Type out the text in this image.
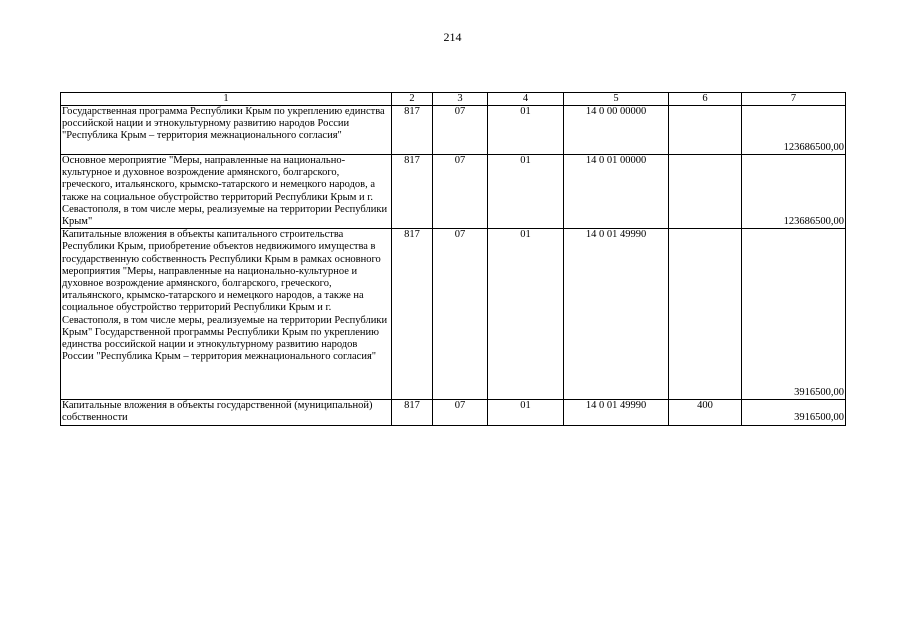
214
1	2	3	4	5	6	7
Государственная программа Республики Крым по укреплению единства российской нации и этнокультурному развитию народов России "Республика Крым – территория межнационального согласия"	817	07	01	14 0 00 00000		123686500,00
Основное мероприятие "Меры, направленные на национально-культурное и духовное возрождение армянского, болгарского, греческого, итальянского, крымско-татарского и немецкого народов, а также на социальное обустройство территорий Республики Крым и г. Севастополя, в том числе меры, реализуемые на территории Республики Крым"	817	07	01	14 0 01 00000		123686500,00
Капитальные вложения в объекты капитального строительства Республики Крым, приобретение объектов недвижимого имущества в государственную собственность Республики Крым в рамках основного мероприятия "Меры, направленные на национально-культурное и духовное возрождение армянского, болгарского, греческого, итальянского, крымско-татарского и немецкого народов, а также на социальное обустройство территорий Республики Крым и г. Севастополя, в том числе меры, реализуемые на территории Республики Крым" Государственной программы Республики Крым по укреплению единства российской нации и этнокультурному развитию народов России "Республика Крым – территория межнационального согласия"	817	07	01	14 0 01 49990		3916500,00
Капитальные вложения в объекты государственной (муниципальной) собственности	817	07	01	14 0 01 49990	400	3916500,00
